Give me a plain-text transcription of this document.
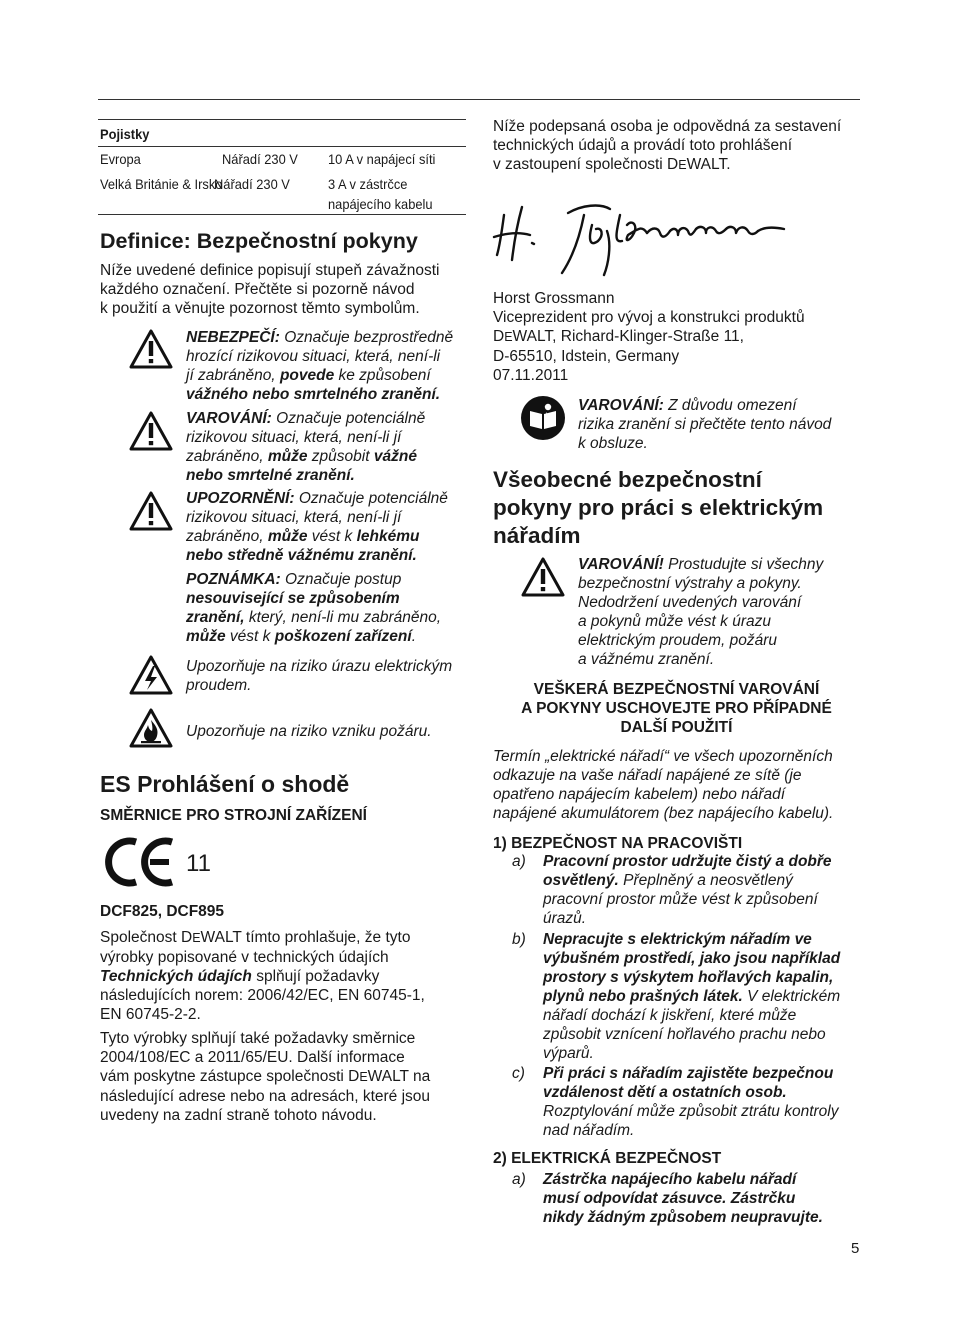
Pojistky
Evropa	Nářadí 230 V 10 A v napájecí síti
Velká Británie & Irsko
Nářadí 230 V	3 A v zástrčce
napájecího kabelu
Definice: Bezpečnostní pokyny
Níže uvedené definice popisují stupeň závažnosti
každého označení. Přečtěte si pozorně návod
k použití a věnujte pozornost těmto symbolům.
NEBEZPEČÍ: Označuje bezprostředně
hrozící rizikovou situaci, která, není-li
jí zabráněno, povede ke způsobení
vážného nebo smrtelného zranění.
VAROVÁNÍ: Označuje potenciálně
rizikovou situaci, která, není-li jí
zabráněno, může způsobit vážné
nebo smrtelné zranění.
UPOZORNĚNÍ: Označuje potenciálně
rizikovou situaci, která, není-li jí
zabráněno, může vést k lehkému
nebo středně vážnému zranění.
POZNÁMKA: Označuje postup
nesouvisející se způsobením
zranění, který, není-li mu zabráněno,
může vést k poškození zařízení.
Upozorňuje na riziko úrazu elektrickým
proudem.
Upozorňuje na riziko vzniku požáru.
ES Prohlášení o shodě
SMĚRNICE PRO STROJNÍ ZAŘÍZENÍ
11
DCF825, DCF895
Společnost DEWALT tímto prohlašuje, že tyto
výrobky popisované v technických údajích
Technických údajích splňují požadavky
následujících norem: 2006/42/EC, EN 60745-1,
EN 60745-2-2.
Tyto výrobky splňují také požadavky směrnice
2004/108/EC a 2011/65/EU. Další informace
vám poskytne zástupce společnosti DEWALT na
následující adrese nebo na adresách, které jsou
uvedeny na zadní straně tohoto návodu.
Níže podepsaná osoba je odpovědná za sestavení
technických údajů a provádí toto prohlášení
v zastoupení společnosti DEWALT.
Horst Grossmann
Viceprezident pro vývoj a konstrukci produktů
DEWALT, Richard-Klinger-Straße 11,
D-65510, Idstein, Germany
07.11.2011
VAROVÁNÍ: Z důvodu omezení
rizika zranění si přečtěte tento návod
k obsluze.
Všeobecné bezpečnostní
pokyny pro práci s elektrickým
nářadím
VAROVÁNÍ! Prostudujte si všechny
bezpečnostní výstrahy a pokyny.
Nedodržení uvedených varování
a pokynů může vést k úrazu
elektrickým proudem, požáru
a vážnému zranění.
VEŠKERÁ BEZPEČNOSTNÍ VAROVÁNÍ
A POKYNY USCHOVEJTE PRO PŘÍPADNÉ
DALŠÍ POUŽITÍ
Termín „elektrické nářadí“ ve všech upozorněních
odkazuje na vaše nářadí napájené ze sítě (je
opatřeno napájecím kabelem) nebo nářadí
napájené akumulátorem (bez napájecího kabelu).
1) BEZPEČNOST NA PRACOVIŠTI
a) Pracovní prostor udržujte čistý a dobře
osvětlený. Přeplněný a neosvětlený
pracovní prostor může vést k způsobení
úrazů.
b) Nepracujte s elektrickým nářadím ve
výbušném prostředí, jako jsou například
prostory s výskytem hořlavých kapalin,
plynů nebo prašných látek. V elektrickém
nářadí dochází k jiskření, které může
způsobit vznícení hořlavého prachu nebo
výparů.
c) Při práci s nářadím zajistěte bezpečnou
vzdálenost dětí a ostatních osob.
Rozptylování může způsobit ztrátu kontroly
nad nářadím.
2) ELEKTRICKÁ BEZPEČNOST
a) Zástrčka napájecího kabelu nářadí
musí odpovídat zásuvce. Zástrčku
nikdy žádným způsobem neupravujte.
5
